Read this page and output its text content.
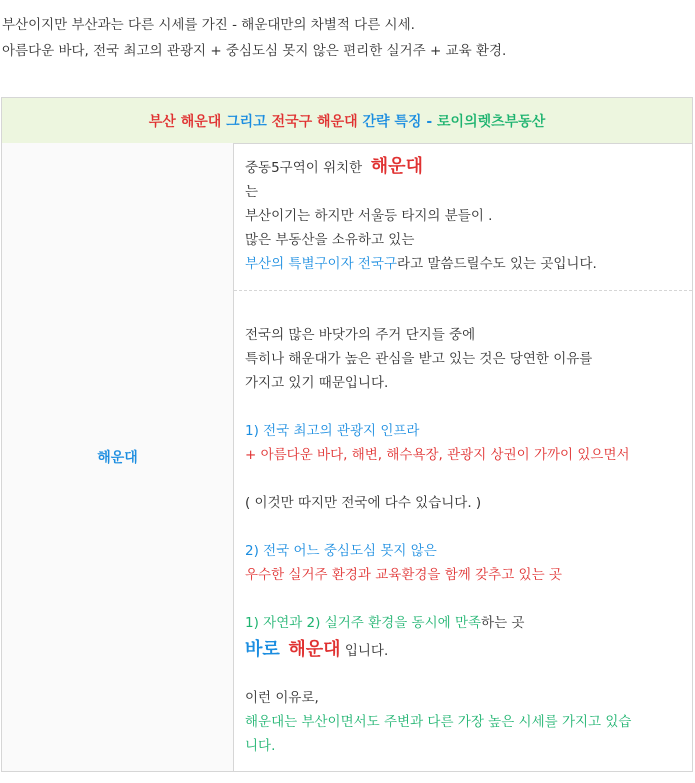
부산이지만 부산과는 다른 시세를 가진 - 해운대만의 차별적 다른 시세.
아름다운 바다, 전국 최고의 관광지 + 중심도심 못지 않은 편리한 실거주 + 교육 환경.
부산 해운대 그리고 전국구 해운대 간략 특징 - 로이의렛츠부동산
해운대
중동5구역이 위치한  해운대
는
부산이기는 하지만 서울등 타지의 분들이 .
많은 부동산을 소유하고 있는
부산의 특별구이자 전국구라고 말씀드릴수도 있는 곳입니다.
전국의 많은 바닷가의 주거 단지들 중에
특히나 해운대가 높은 관심을 받고 있는 것은 당연한 이유를
가지고 있기 때문입니다.
1) 전국 최고의 관광지 인프라
+ 아름다운 바다, 해변, 해수욕장, 관광지 상권이 가까이 있으면서
( 이것만 따지만 전국에 다수 있습니다. )
2) 전국 어느 중심도심 못지 않은
우수한 실거주 환경과 교육환경을 함께 갖추고 있는 곳
1) 자연과 2) 실거주 환경을 동시에 만족하는 곳
바로 해운대 입니다.
이런 이유로,
해운대는 부산이면서도 주변과 다른 가장 높은 시세를 가지고 있습
니다.
